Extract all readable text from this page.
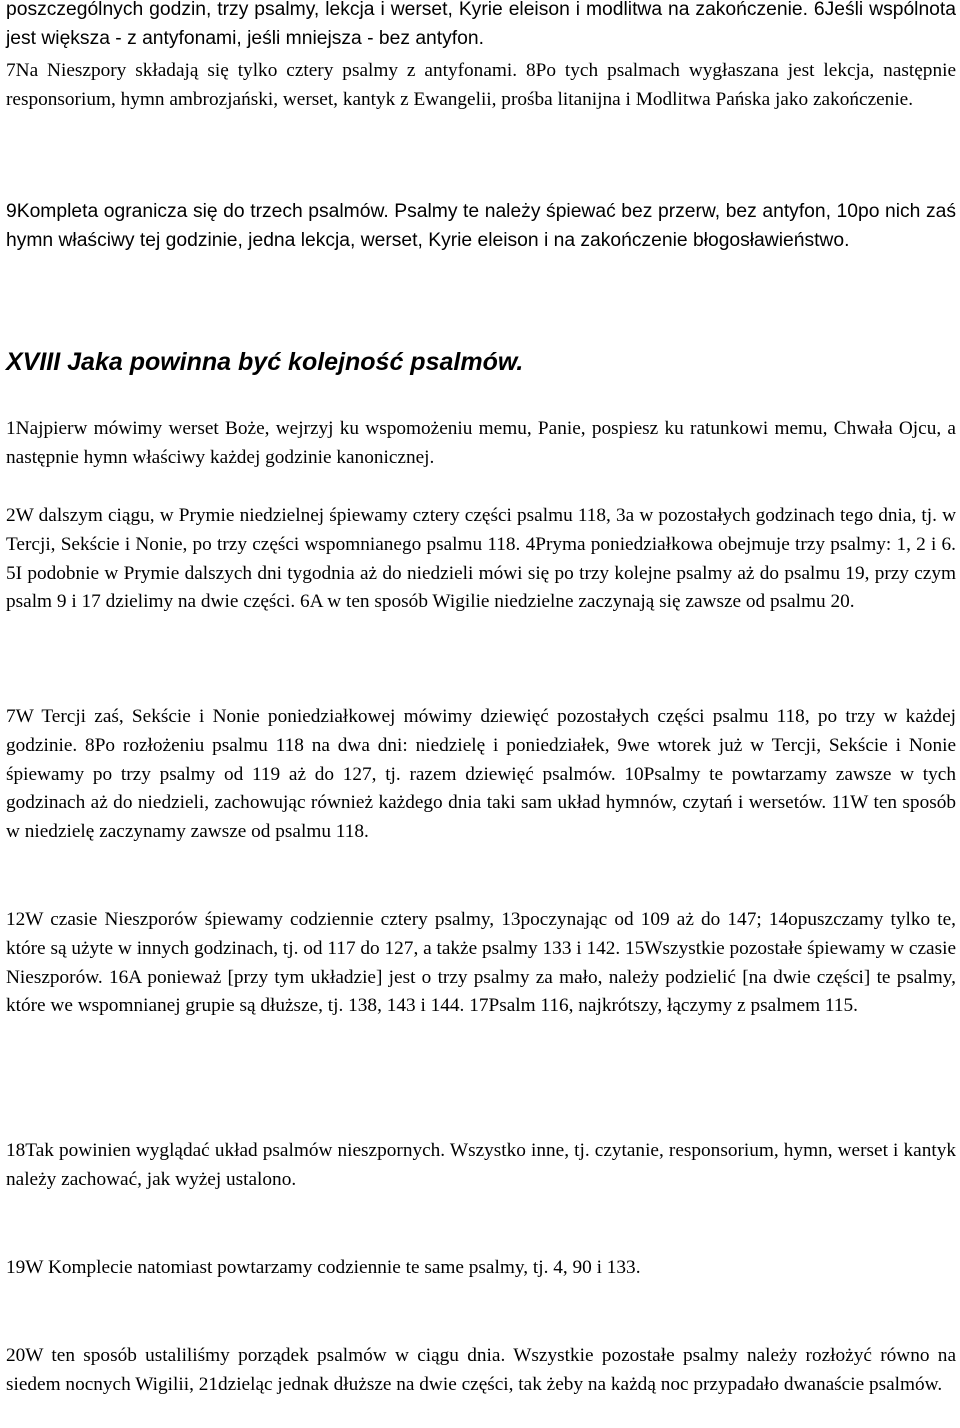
poszczególnych godzin, trzy psalmy, lekcja i werset, Kyrie eleison i modlitwa na zakończenie. 6Jeśli wspólnota jest większa - z antyfonami, jeśli mniejsza - bez antyfon.

7Na Nieszpory składają się tylko cztery psalmy z antyfonami. 8Po tych psalmach wygłaszana jest lekcja, następnie responsorium, hymn ambrozjański, werset, kantyk z Ewangelii, prośba litanijna i Modlitwa Pańska jako zakończenie.

9Kompleta ogranicza się do trzech psalmów. Psalmy te należy śpiewać bez przerw, bez antyfon, 10po nich zaś hymn właściwy tej godzinie, jedna lekcja, werset, Kyrie eleison i na zakończenie błogosławieństwo.

XVIII Jaka powinna być kolejność psalmów.

1Najpierw mówimy werset Boże, wejrzyj ku wspomożeniu memu, Panie, pospiesz ku ratunkowi memu, Chwała Ojcu, a następnie hymn właściwy każdej godzinie kanonicznej.

2W dalszym ciągu, w Prymie niedzielnej śpiewamy cztery części psalmu 118, 3a w pozostałych godzinach tego dnia, tj. w Tercji, Sekście i Nonie, po trzy części wspomnianego psalmu 118. 4Pryma poniedziałkowa obejmuje trzy psalmy: 1, 2 i 6. 5I podobnie w Prymie dalszych dni tygodnia aż do niedzieli mówi się po trzy kolejne psalmy aż do psalmu 19, przy czym psalm 9 i 17 dzielimy na dwie części. 6A w ten sposób Wigilie niedzielne zaczynają się zawsze od psalmu 20.

7W Tercji zaś, Sekście i Nonie poniedziałkowej mówimy dziewięć pozostałych części psalmu 118, po trzy w każdej godzinie. 8Po rozłożeniu psalmu 118 na dwa dni: niedzielę i poniedziałek, 9we wtorek już w Tercji, Sekście i Nonie śpiewamy po trzy psalmy od 119 aż do 127, tj. razem dziewięć psalmów. 10Psalmy te powtarzamy zawsze w tych godzinach aż do niedzieli, zachowując również każdego dnia taki sam układ hymnów, czytań i wersetów. 11W ten sposób w niedzielę zaczynamy zawsze od psalmu 118.

12W czasie Nieszporów śpiewamy codziennie cztery psalmy, 13poczynając od 109 aż do 147; 14opuszczamy tylko te, które są użyte w innych godzinach, tj. od 117 do 127, a także psalmy 133 i 142. 15Wszystkie pozostałe śpiewamy w czasie Nieszporów. 16A ponieważ [przy tym układzie] jest o trzy psalmy za mało, należy podzielić [na dwie części] te psalmy, które we wspomnianej grupie są dłuższe, tj. 138, 143 i 144. 17Psalm 116, najkrótszy, łączymy z psalmem 115.

18Tak powinien wyglądać układ psalmów nieszpornych. Wszystko inne, tj. czytanie, responsorium, hymn, werset i kantyk należy zachować, jak wyżej ustalono.

19W Komplecie natomiast powtarzamy codziennie te same psalmy, tj. 4, 90 i 133.

20W ten sposób ustaliliśmy porządek psalmów w ciągu dnia. Wszystkie pozostałe psalmy należy rozłożyć równo na siedem nocnych Wigilii, 21dzieląc jednak dłuższe na dwie części, tak żeby na każdą noc przypadało dwanaście psalmów.
